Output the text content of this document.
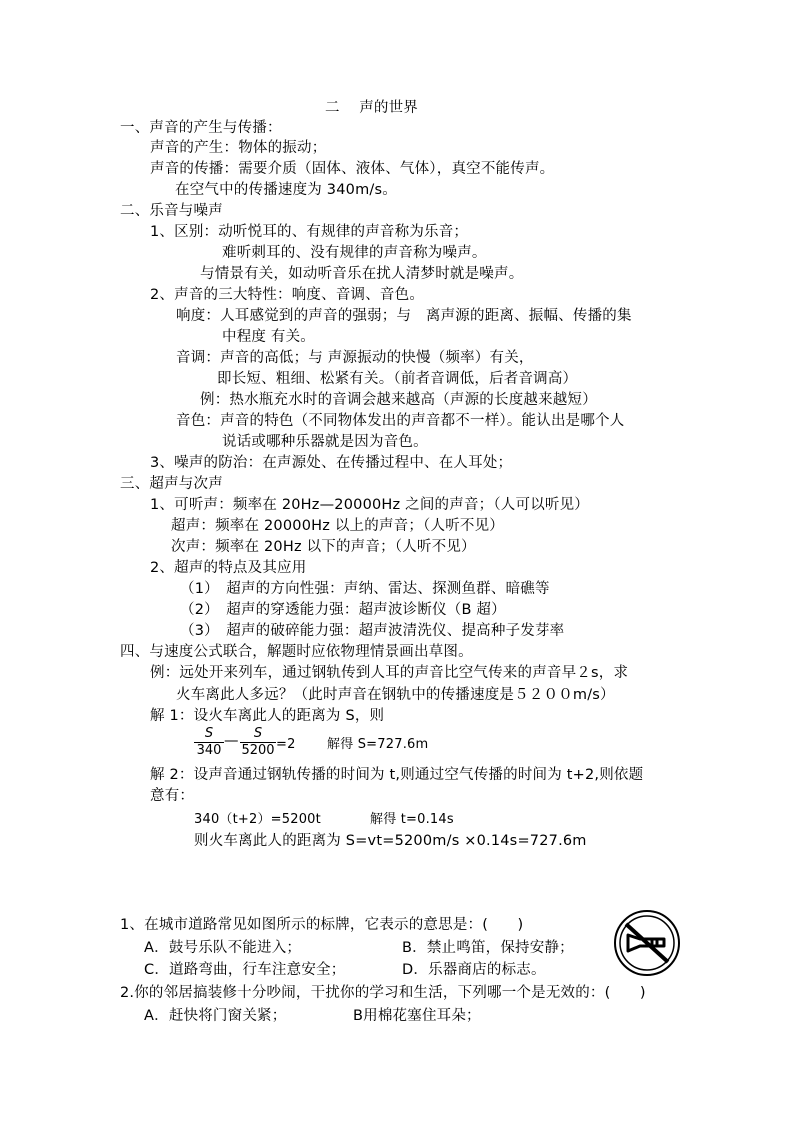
二　 声的世界
一、声音的产生与传播：
声音的产生：物体的振动；
声音的传播：需要介质（固体、液体、气体），真空不能传声。
在空气中的传播速度为 340m/s。
二、乐音与噪声
1、区别：动听悦耳的、有规律的声音称为乐音；
难听刺耳的、没有规律的声音称为噪声。
与情景有关，如动听音乐在扰人清梦时就是噪声。
2、声音的三大特性：响度、音调、音色。
响度：人耳感觉到的声音的强弱；与　离声源的距离、振幅、传播的集
中程度 有关。
音调：声音的高低；与 声源振动的快慢（频率）有关，
即长短、粗细、松紧有关。（前者音调低，后者音调高）
例：热水瓶充水时的音调会越来越高（声源的长度越来越短）
音色：声音的特色（不同物体发出的声音都不一样）。能认出是哪个人
说话或哪种乐器就是因为音色。
3、噪声的防治：在声源处、在传播过程中、在人耳处；
三、超声与次声
1、可听声：频率在 20Hz—20000Hz 之间的声音；（人可以听见）
超声：频率在 20000Hz 以上的声音；（人听不见）
次声：频率在 20Hz 以下的声音；（人听不见）
2、超声的特点及其应用
（1）　超声的方向性强：声纳、雷达、探测鱼群、暗礁等
（2）　超声的穿透能力强：超声波诊断仪（B 超）
（3）　超声的破碎能力强：超声波清洗仪、提高种子发芽率
四、与速度公式联合，解题时应依物理情景画出草图。
例：远处开来列车，通过钢轨传到人耳的声音比空气传来的声音早２s，求
火车离此人多远？（此时声音在钢轨中的传播速度是５２００m/s）
解 1：设火车离此人的距离为 S，则
$\frac{S}{340}$ — $\frac{S}{5200} =2$ 解得 S=727.6m
解 2：设声音通过钢轨传播的时间为 t,则通过空气传播的时间为 t+2,则依题
意有：
340（t+2）=5200t	解得 t=0.14s
则火车离此人的距离为 S=vt=5200m/s ×0.14s=727.6m
1、在城市道路常见如图所示的标牌，它表示的意思是：(　　)
A．鼓号乐队不能进入；	B．禁止鸣笛，保持安静；
C．道路弯曲，行车注意安全；	D．乐器商店的标志。
2.你的邻居搞装修十分吵闹，干扰你的学习和生活，下列哪一个是无效的：(　　)
A．赶快将门窗关紧；	B用棉花塞住耳朵；
